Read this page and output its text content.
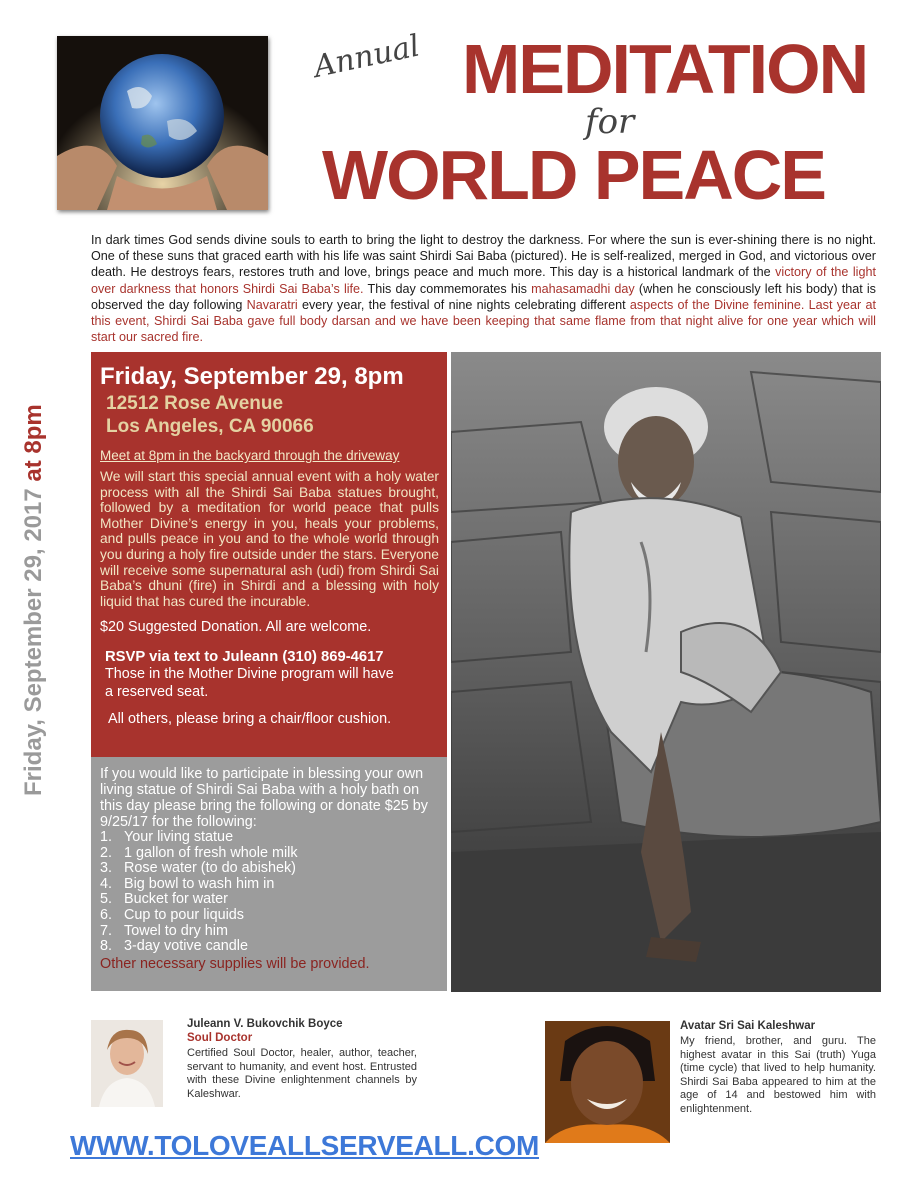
Annual MEDITATION
for
WORLD PEACE
In dark times God sends divine souls to earth to bring the light to destroy the darkness. For where the sun is ever-shining there is no night. One of these suns that graced earth with his life was saint Shirdi Sai Baba (pictured). He is self-realized, merged in God, and victorious over death. He destroys fears, restores truth and love, brings peace and much more. This day is a historical landmark of the victory of the light over darkness that honors Shirdi Sai Baba’s life. This day commemorates his mahasamadhi day (when he consciously left his body) that is observed the day following Navaratri every year, the festival of nine nights celebrating different aspects of the Divine feminine. Last year at this event, Shirdi Sai Baba gave full body darsan and we have been keeping that same flame from that night alive for one year which will start our sacred fire.
Friday, September 29, 2017 at 8pm
Friday, September 29, 8pm
12512 Rose Avenue
Los Angeles, CA 90066
Meet at 8pm in the backyard through the driveway
We will start this special annual event with a holy water process with all the Shirdi Sai Baba statues brought, followed by a meditation for world peace that pulls Mother Divine’s energy in you, heals your problems, and pulls peace in you and to the whole world through you during a holy fire outside under the stars. Everyone will receive some supernatural ash (udi) from Shirdi Sai Baba’s dhuni (fire) in Shirdi and a blessing with holy liquid that has cured the incurable.
$20 Suggested Donation. All are welcome.
RSVP via text to Juleann (310) 869-4617
Those in the Mother Divine program will have a reserved seat.
All others, please bring a chair/floor cushion.
If you would like to participate in blessing your own living statue of Shirdi Sai Baba with a holy bath on this day please bring the following or donate $25 by 9/25/17 for the following:
1. Your living statue
2. 1 gallon of fresh whole milk
3. Rose water (to do abishek)
4. Big bowl to wash him in
5. Bucket for water
6. Cup to pour liquids
7. Towel to dry him
8. 3-day votive candle
Other necessary supplies will be provided.
Juleann V. Bukovchik Boyce
Soul Doctor
Certified Soul Doctor, healer, author, teacher, servant to humanity, and event host. Entrusted with these Divine enlightenment channels by Kaleshwar.
Avatar Sri Sai Kaleshwar
My friend, brother, and guru. The highest avatar in this Sai (truth) Yuga (time cycle) that lived to help humanity. Shirdi Sai Baba appeared to him at the age of 14 and bestowed him with enlightenment.
WWW.TOLOVEALLSERVEALL.COM
